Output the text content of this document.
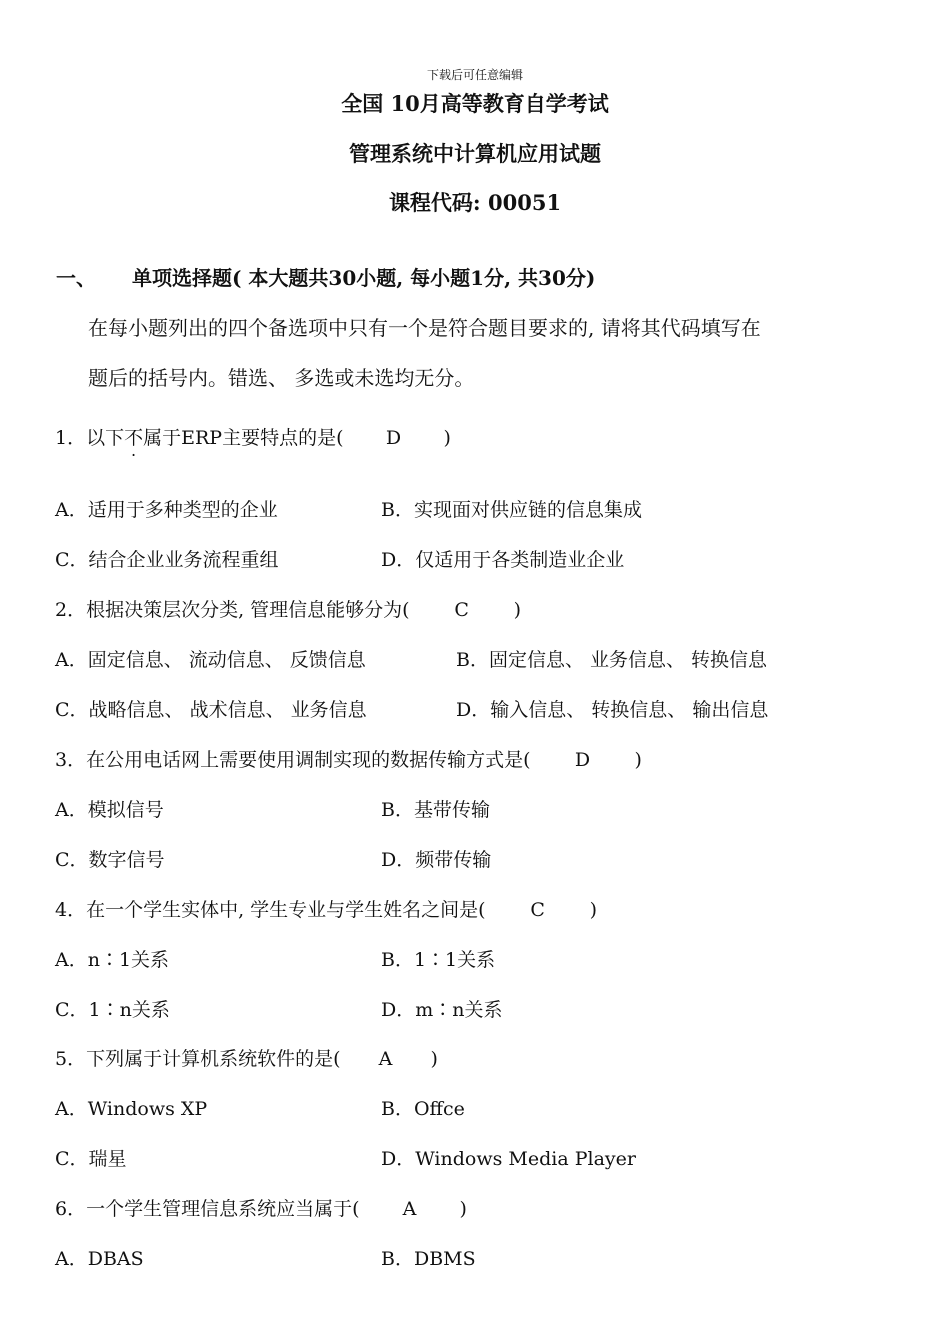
下载后可任意编辑
全国 10月高等教育自学考试
管理系统中计算机应用试题
课程代码: 00051
一、 单项选择题( 本大题共30小题, 每小题1分, 共30分)
在每小题列出的四个备选项中只有一个是符合题目要求的, 请将其代码填写在
题后的括号内。错选、 多选或未选均无分。
1．以下不属于ERP主要特点的是( D )
A．适用于多种类型的企业	B．实现面对供应链的信息集成
C．结合企业业务流程重组	D．仅适用于各类制造业企业
2．根据决策层次分类, 管理信息能够分为( C )
A．固定信息、 流动信息、 反馈信息	B．固定信息、 业务信息、 转换信息
C．战略信息、 战术信息、 业务信息	D．输入信息、 转换信息、 输出信息
3．在公用电话网上需要使用调制实现的数据传输方式是( D )
A．模拟信号	B．基带传输
C．数字信号	D．频带传输
4．在一个学生实体中, 学生专业与学生姓名之间是( C )
A．n∶1关系	B．1∶1关系
C．1∶n关系	D．m∶n关系
5．下列属于计算机系统软件的是( A )
A．Windows XP	B．Offce
C．瑞星	D．Windows Media Player
6．一个学生管理信息系统应当属于( A )
A．DBAS	B．DBMS
